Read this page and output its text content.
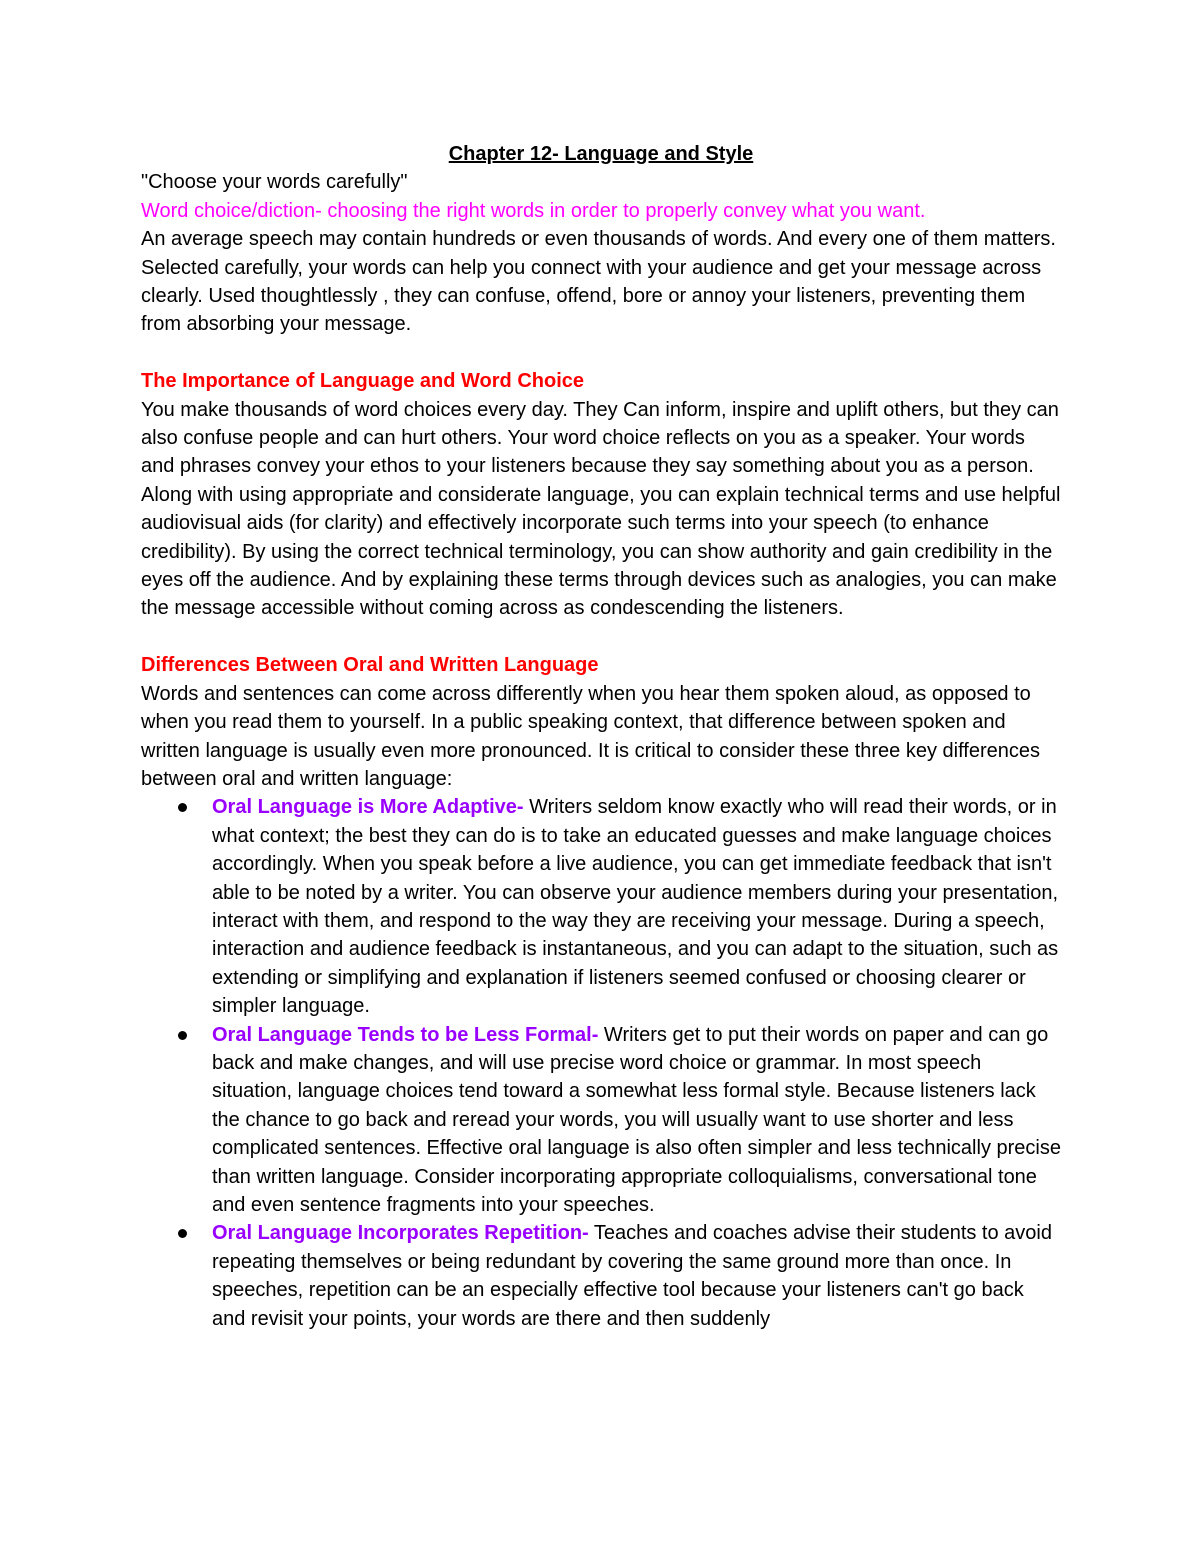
Chapter 12- Language and Style

"Choose your words carefully"

Word choice/diction- choosing the right words in order to properly convey what you want.

An average speech may contain hundreds or even thousands of words. And every one of them matters. Selected carefully, your words can help you connect with your audience and get your message across clearly. Used thoughtlessly , they can confuse, offend, bore or annoy your listeners, preventing them from absorbing your message.

The Importance of Language and Word Choice

You make thousands of word choices every day. They Can inform, inspire and uplift others, but they can also confuse people and can hurt others. Your word choice reflects on you as a speaker. Your words and phrases convey your ethos to your listeners because they say something about you as a person. Along with using appropriate and considerate language, you can explain technical terms and use helpful audiovisual aids (for clarity) and effectively incorporate such terms into your speech (to enhance credibility). By using the correct technical terminology, you can show authority and gain credibility in the eyes off the audience. And by explaining these terms through devices such as analogies, you can make the message accessible without coming across as condescending the listeners.

Differences Between Oral and Written Language

Words and sentences can come across differently when you hear them spoken aloud, as opposed to when you read them to yourself. In a public speaking context, that difference between spoken and written language is usually even more pronounced. It is critical to consider these three key differences between oral and written language:

Oral Language is More Adaptive- Writers seldom know exactly who will read their words, or in what context; the best they can do is to take an educated guesses and make language choices accordingly. When you speak before a live audience, you can get immediate feedback that isn't able to be noted by a writer. You can observe your audience members during your presentation, interact with them, and respond to the way they are receiving your message. During a speech, interaction and audience feedback is instantaneous, and you can adapt to the situation, such as extending or simplifying and explanation if listeners seemed confused or choosing clearer or simpler language.
Oral Language Tends to be Less Formal- Writers get to put their words on paper and can go back and make changes, and will use precise word choice or grammar. In most speech situation, language choices tend toward a somewhat less formal style. Because listeners lack the chance to go back and reread your words, you will usually want to use shorter and less complicated sentences. Effective oral language is also often simpler and less technically precise than written language. Consider incorporating appropriate colloquialisms, conversational tone and even sentence fragments into your speeches.
Oral Language Incorporates Repetition- Teaches and coaches advise their students to avoid repeating themselves or being redundant by covering the same ground more than once. In speeches, repetition can be an especially effective tool because your listeners can't go back and revisit your points, your words are there and then suddenly
